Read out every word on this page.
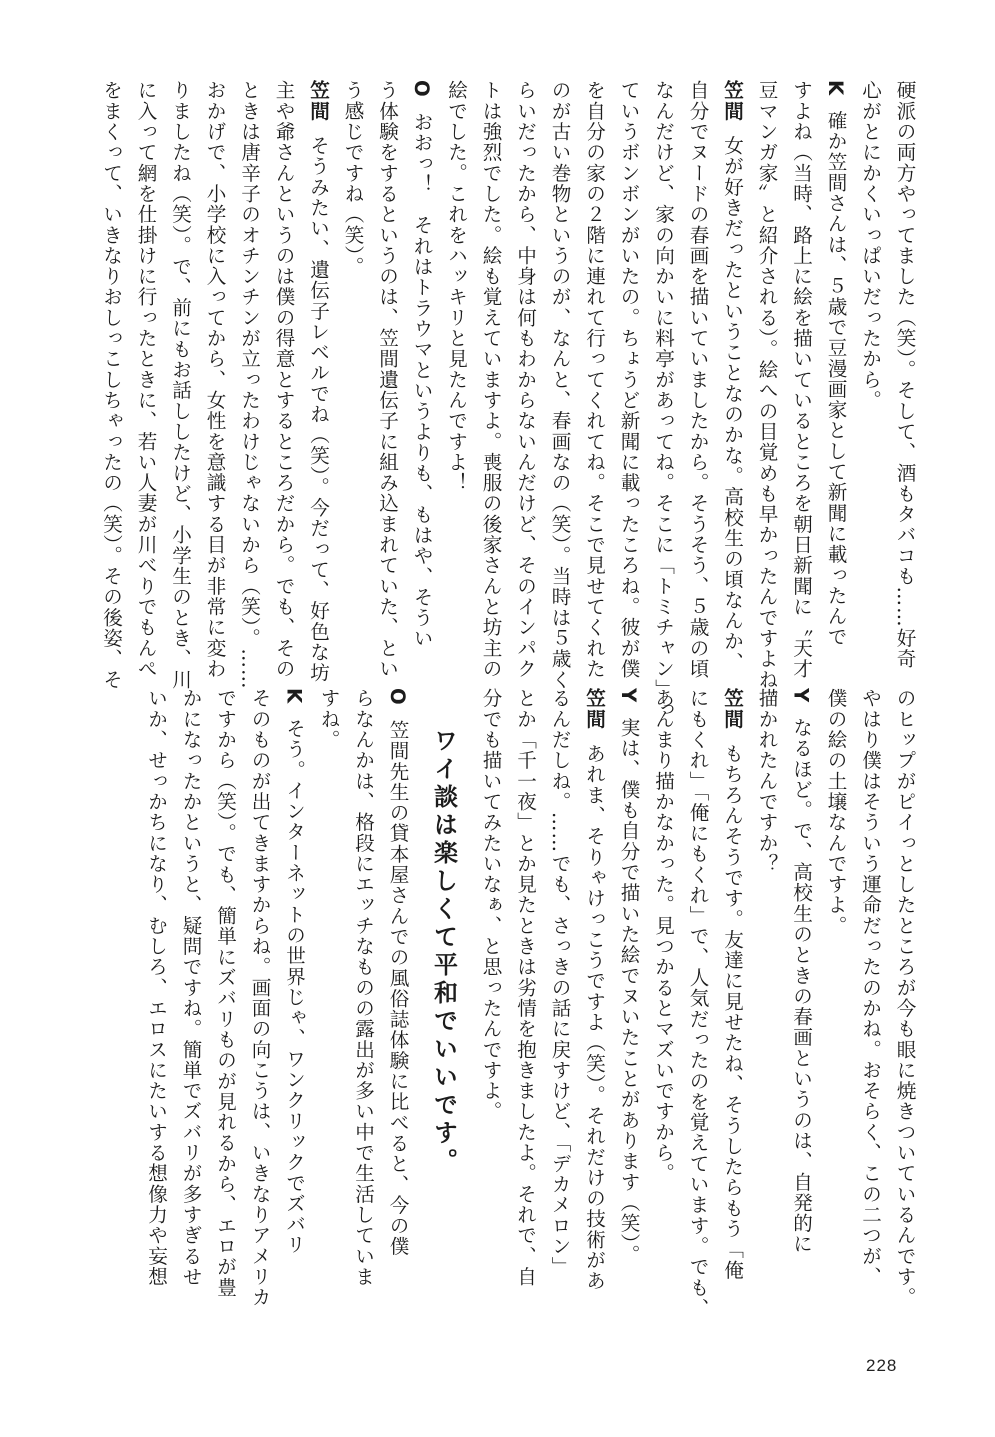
硬派の両方やってました（笑）。そして、酒もタバコも……好奇
心がとにかくいっぱいだったから。
K確か笠間さんは、５歳で豆漫画家として新聞に載ったんで
すよね（当時、路上に絵を描いているところを朝日新聞に〝天才
豆マンガ家〟と紹介される）。絵への目覚めも早かったんですよね。
笠間女が好きだったということなのかな。高校生の頃なんか、
自分でヌードの春画を描いていましたから。そうそう、５歳の頃
なんだけど、家の向かいに料亭があってね。そこに「トミチャン」っ
ていうボンボンがいたの。ちょうど新聞に載ったころね。彼が僕
を自分の家の２階に連れて行ってくれてね。そこで見せてくれた
のが古い巻物というのが、なんと、春画なの（笑）。当時は５歳く
らいだったから、中身は何もわからないんだけど、そのインパク
トは強烈でした。絵も覚えていますよ。喪服の後家さんと坊主の
絵でした。これをハッキリと見たんですよ！
Oおおっ！　それはトラウマというよりも、もはや、そうい
う体験をするというのは、笠間遺伝子に組み込まれていた、とい
う感じですね（笑）。
笠間そうみたい、遺伝子レベルでね（笑）。今だって、好色な坊
主や爺さんというのは僕の得意とするところだから。でも、その
ときは唐辛子のオチンチンが立ったわけじゃないから（笑）。……
おかげで、小学校に入ってから、女性を意識する目が非常に変わ
りましたね（笑）。で、前にもお話ししたけど、小学生のとき、川
に入って網を仕掛けに行ったときに、若い人妻が川べりでもんぺ
をまくって、いきなりおしっこしちゃったの（笑）。その後姿、そ
のヒップがピイっとしたところが今も眼に焼きついているんです。
やはり僕はそういう運命だったのかね。おそらく、この二つが、
僕の絵の土壌なんですよ。
Yなるほど。で、高校生のときの春画というのは、自発的に
描かれたんですか？
笠間もちろんそうです。友達に見せたね、そうしたらもう「俺
にもくれ」「俺にもくれ」で、人気だったのを覚えています。でも、
あんまり描かなかった。見つかるとマズいですから。
Y実は、僕も自分で描いた絵でヌいたことがあります（笑）。
笠間あれま、そりゃけっこうですよ（笑）。それだけの技術があ
るんだしね。……でも、さっきの話に戻すけど、「デカメロン」
とか「千一夜」とか見たときは劣情を抱きましたよ。それで、自
分でも描いてみたいなぁ、と思ったんですよ。
ワイ談は楽しくて平和でいいです。
O笠間先生の貸本屋さんでの風俗誌体験に比べると、今の僕
らなんかは、格段にエッチなものの露出が多い中で生活していま
すね。
Kそう。インターネットの世界じゃ、ワンクリックでズバリ
そのものが出てきますからね。画面の向こうは、いきなりアメリカ
ですから（笑）。でも、簡単にズバリものが見れるから、エロが豊
かになったかというと、疑問ですね。簡単でズバリが多すぎるせ
いか、せっかちになり、むしろ、エロスにたいする想像力や妄想
228
